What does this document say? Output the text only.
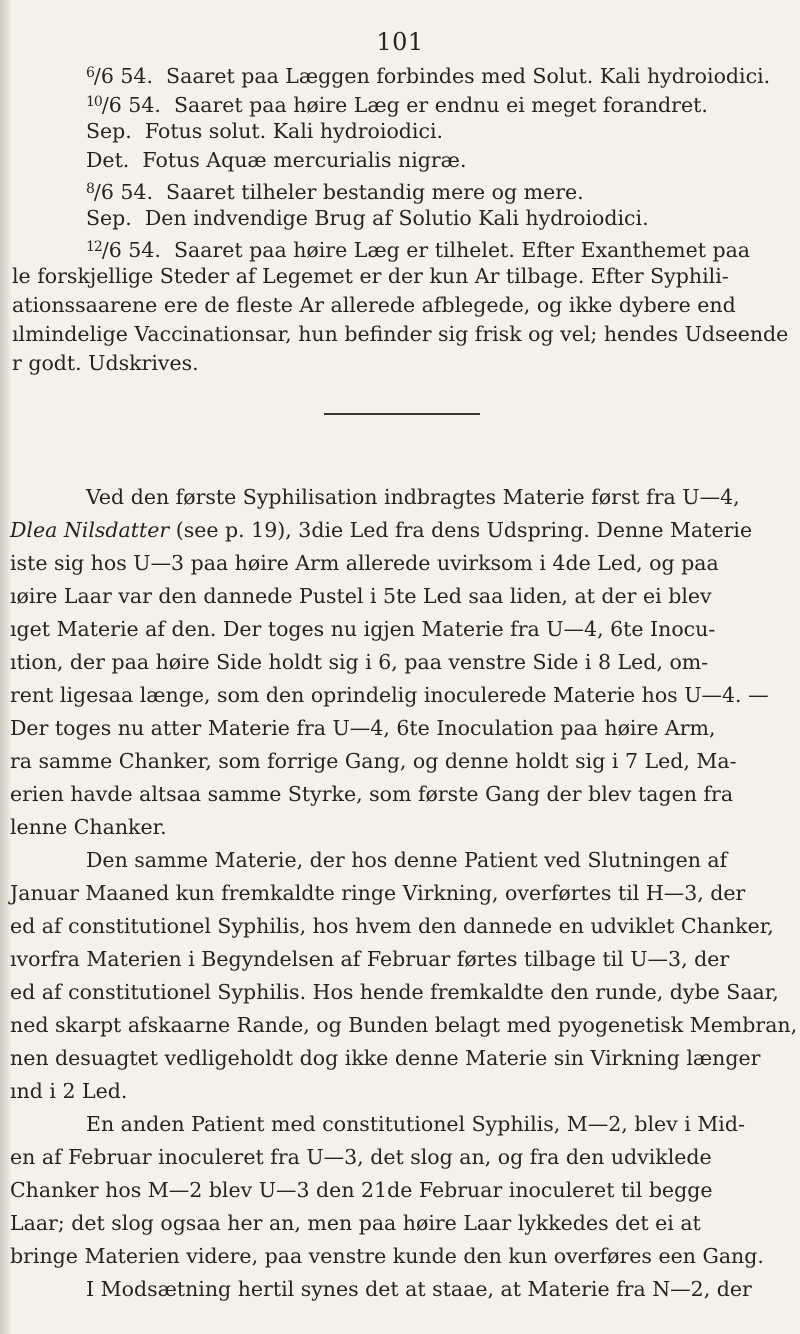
101
6/6 54. Saaret paa Læggen forbindes med Solut. Kali hydroiodici.
10/6 54. Saaret paa høire Læg er endnu ei meget forandret.
Sep. Fotus solut. Kali hydroiodici.
Det. Fotus Aquæ mercurialis nigræ.
8/6 54. Saaret tilheler bestandig mere og mere.
Sep. Den indvendige Brug af Solutio Kali hydroiodici.
12/6 54. Saaret paa høire Læg er tilhelet. Efter Exanthemet paa
le forskjellige Steder af Legemet er der kun Ar tilbage. Efter Syphili-
ationssaarene ere de fleste Ar allerede afblegede, og ikke dybere end
ılmindelige Vaccinationsar, hun befinder sig frisk og vel; hendes Udseende
r godt. Udskrives.
Ved den første Syphilisation indbragtes Materie først fra U—4,
Dlea Nilsdatter (see p. 19), 3die Led fra dens Udspring. Denne Materie
iste sig hos U—3 paa høire Arm allerede uvirksom i 4de Led, og paa
ıøire Laar var den dannede Pustel i 5te Led saa liden, at der ei blev
ıget Materie af den. Der toges nu igjen Materie fra U—4, 6te Inocu-
ıtion, der paa høire Side holdt sig i 6, paa venstre Side i 8 Led, om-
rent ligesaa længe, som den oprindelig inoculerede Materie hos U—4. —
Der toges nu atter Materie fra U—4, 6te Inoculation paa høire Arm,
ra samme Chanker, som forrige Gang, og denne holdt sig i 7 Led, Ma-
erien havde altsaa samme Styrke, som første Gang der blev tagen fra
lenne Chanker.
Den samme Materie, der hos denne Patient ved Slutningen af
Januar Maaned kun fremkaldte ringe Virkning, overførtes til H—3, der
ed af constitutionel Syphilis, hos hvem den dannede en udviklet Chanker,
ıvorfra Materien i Begyndelsen af Februar førtes tilbage til U—3, der
ed af constitutionel Syphilis. Hos hende fremkaldte den runde, dybe Saar,
ned skarpt afskaarne Rande, og Bunden belagt med pyogenetisk Membran,
nen desuagtet vedligeholdt dog ikke denne Materie sin Virkning længer
ınd i 2 Led.
En anden Patient med constitutionel Syphilis, M—2, blev i Mid-
en af Februar inoculeret fra U—3, det slog an, og fra den udviklede
Chanker hos M—2 blev U—3 den 21de Februar inoculeret til begge
Laar; det slog ogsaa her an, men paa høire Laar lykkedes det ei at
bringe Materien videre, paa venstre kunde den kun overføres een Gang.
I Modsætning hertil synes det at staae, at Materie fra N—2, der
